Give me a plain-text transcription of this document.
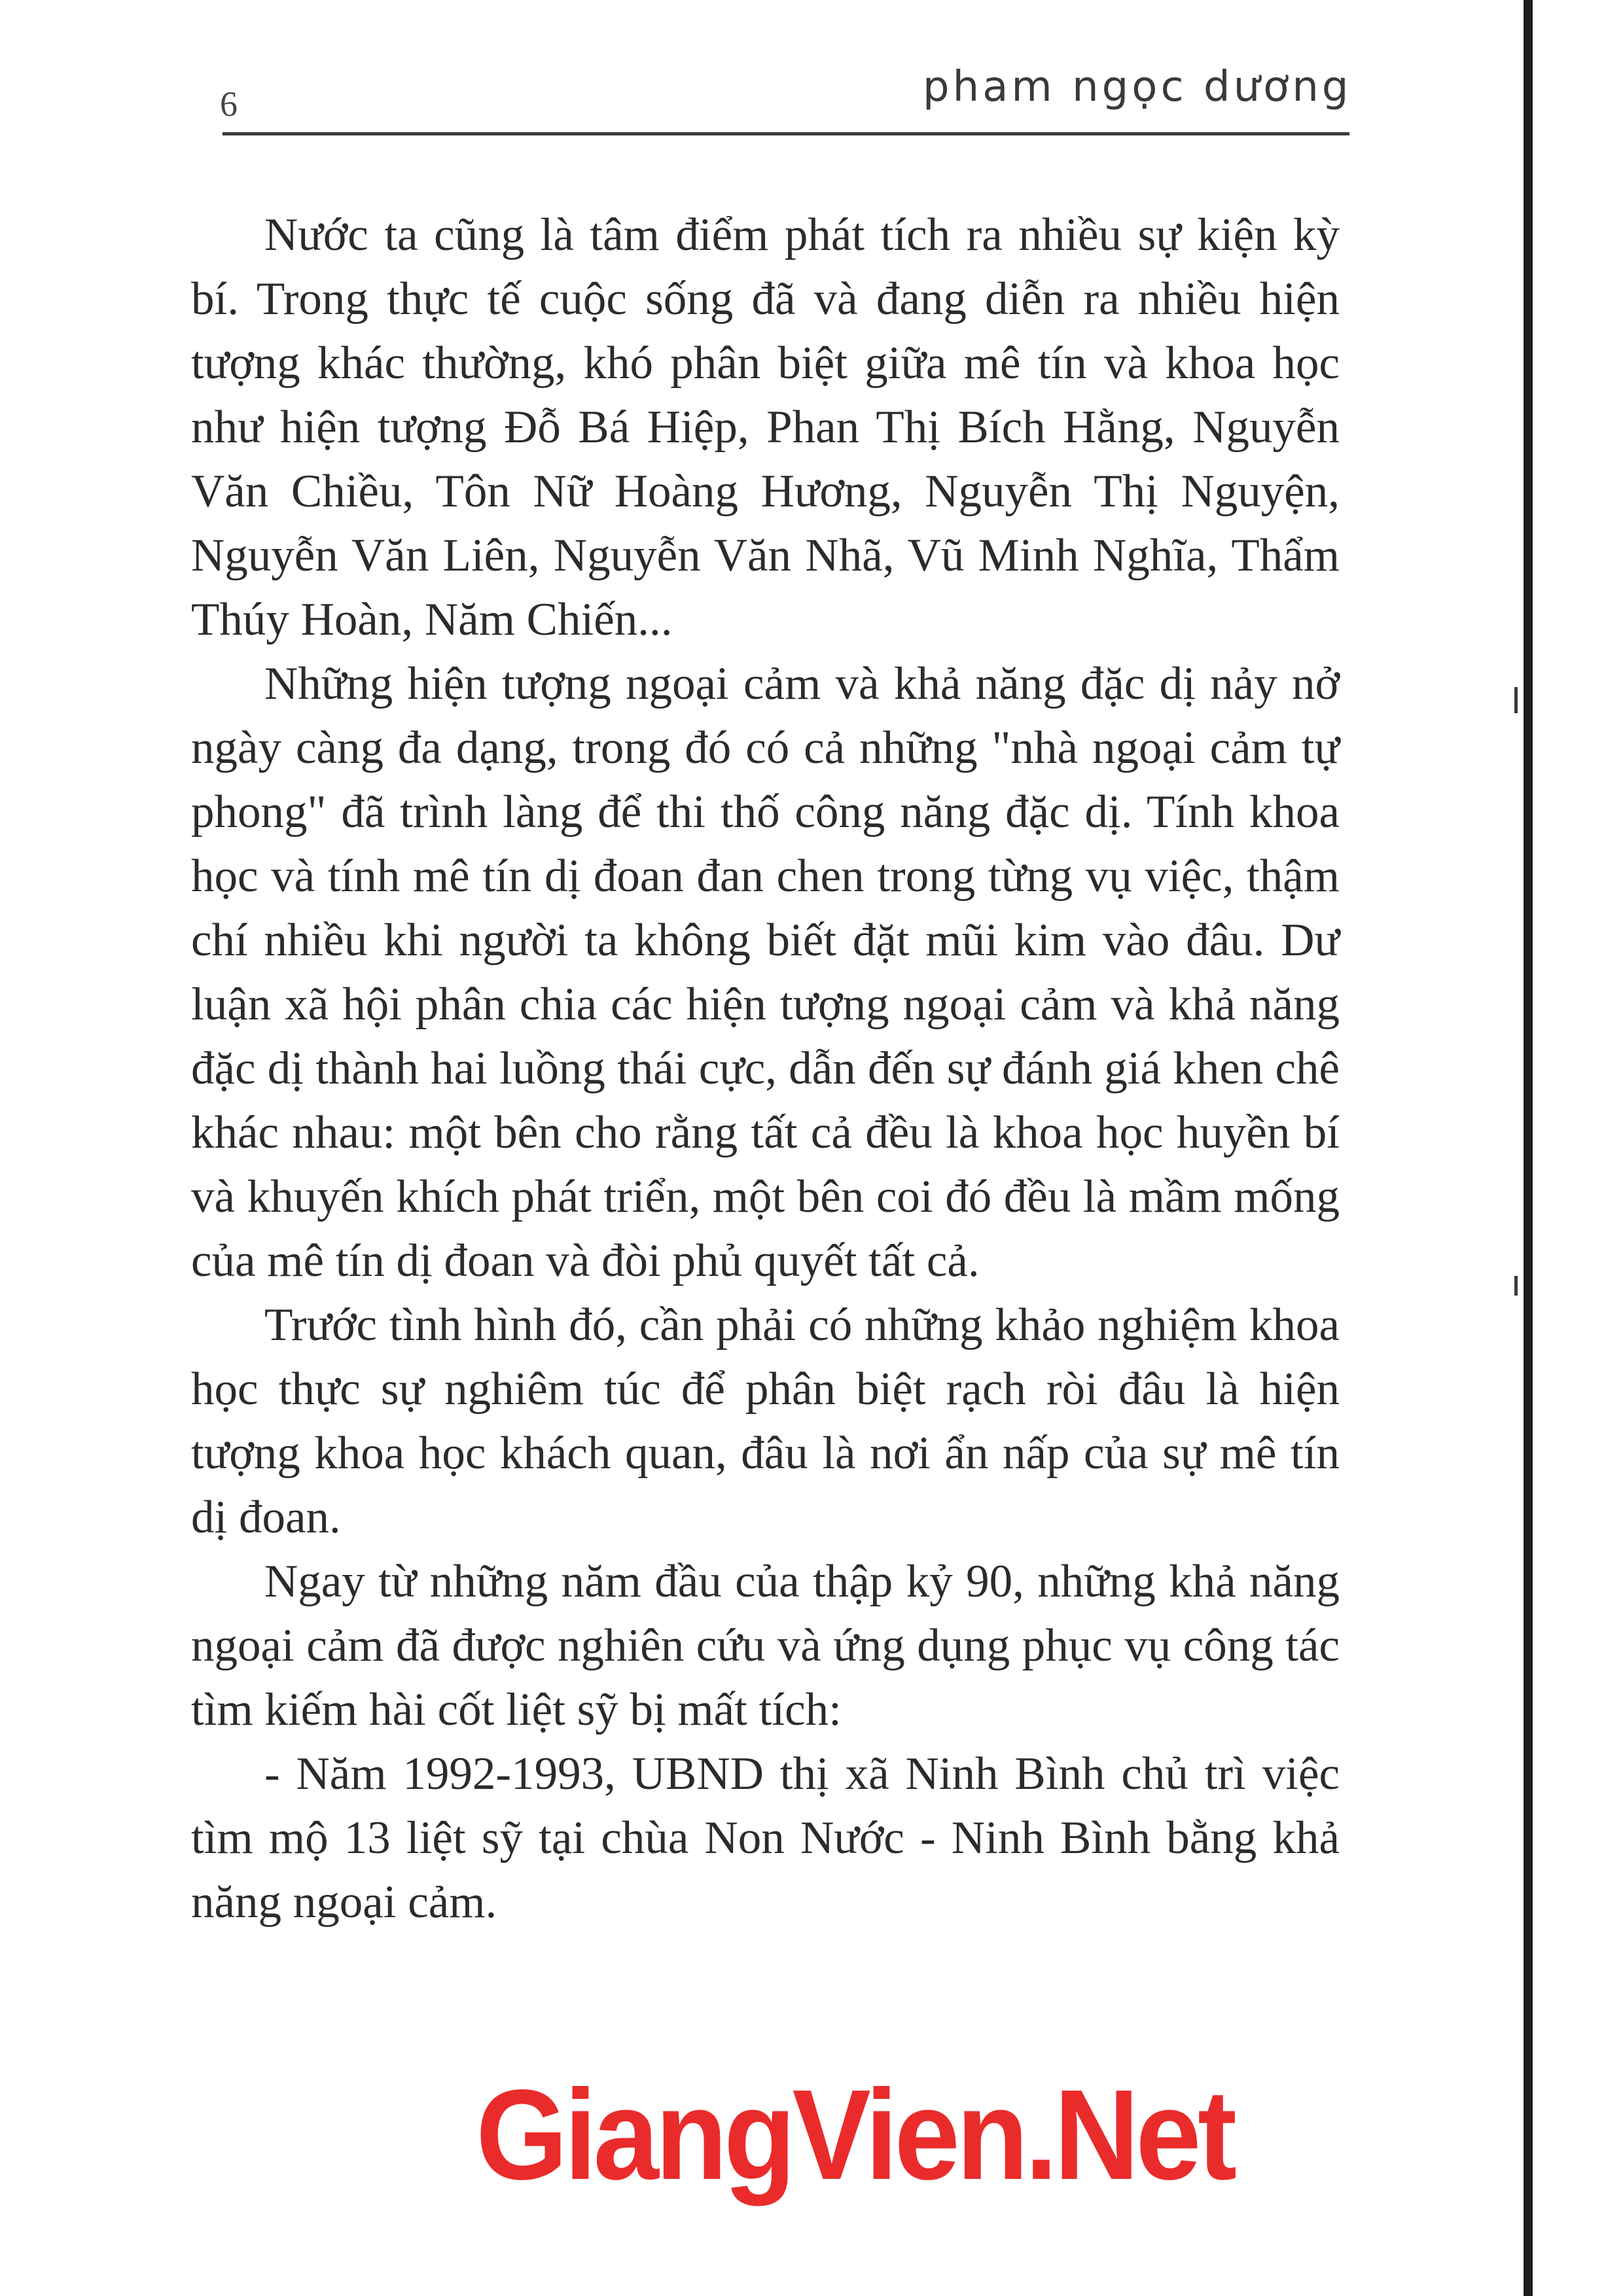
6	pham ngọc dương

Nước ta cũng là tâm điểm phát tích ra nhiều sự kiện kỳ bí. Trong thực tế cuộc sống đã và đang diễn ra nhiều hiện tượng khác thường, khó phân biệt giữa mê tín và khoa học như hiện tượng Đỗ Bá Hiệp, Phan Thị Bích Hằng, Nguyễn Văn Chiều, Tôn Nữ Hoàng Hương, Nguyễn Thị Nguyện, Nguyễn Văn Liên, Nguyễn Văn Nhã, Vũ Minh Nghĩa, Thẩm Thúy Hoàn, Năm Chiến...

Những hiện tượng ngoại cảm và khả năng đặc dị nảy nở ngày càng đa dạng, trong đó có cả những "nhà ngoại cảm tự phong" đã trình làng để thi thố công năng đặc dị. Tính khoa học và tính mê tín dị đoan đan chen trong từng vụ việc, thậm chí nhiều khi người ta không biết đặt mũi kim vào đâu. Dư luận xã hội phân chia các hiện tượng ngoại cảm và khả năng đặc dị thành hai luồng thái cực, dẫn đến sự đánh giá khen chê khác nhau: một bên cho rằng tất cả đều là khoa học huyền bí và khuyến khích phát triển, một bên coi đó đều là mầm mống của mê tín dị đoan và đòi phủ quyết tất cả.

Trước tình hình đó, cần phải có những khảo nghiệm khoa học thực sự nghiêm túc để phân biệt rạch ròi đâu là hiện tượng khoa học khách quan, đâu là nơi ẩn nấp của sự mê tín dị đoan.

Ngay từ những năm đầu của thập kỷ 90, những khả năng ngoại cảm đã được nghiên cứu và ứng dụng phục vụ công tác tìm kiếm hài cốt liệt sỹ bị mất tích:

- Năm 1992-1993, UBND thị xã Ninh Bình chủ trì việc tìm mộ 13 liệt sỹ tại chùa Non Nước - Ninh Bình bằng khả năng ngoại cảm.

GiangVien.Net
